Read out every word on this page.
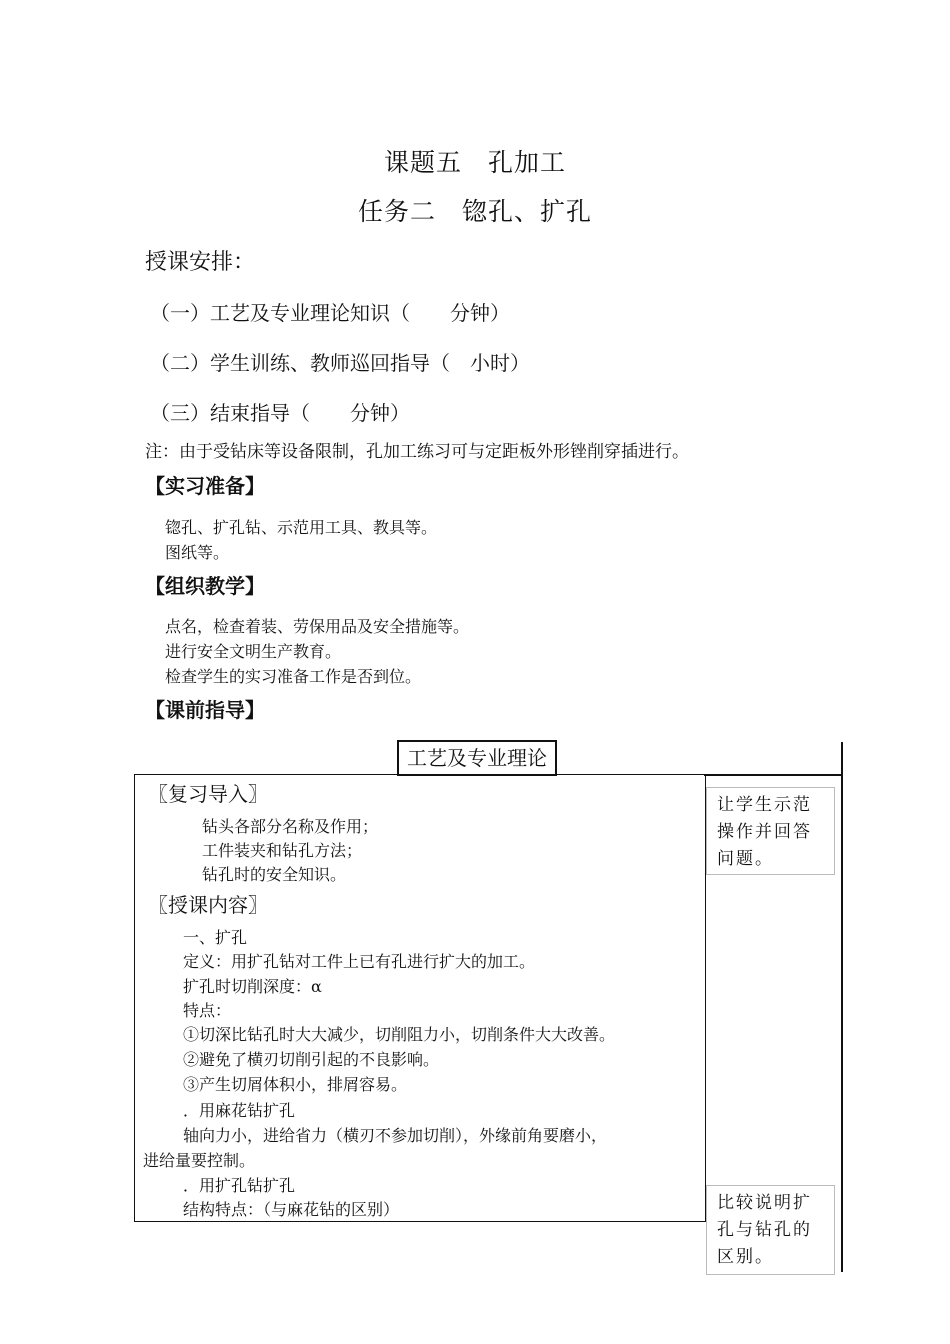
课题五　孔加工
任务二　锪孔、扩孔
授课安排：
（一）工艺及专业理论知识（　　分钟）
（二）学生训练、教师巡回指导（　小时）
（三）结束指导（　　分钟）
注：由于受钻床等设备限制，孔加工练习可与定距板外形锉削穿插进行。
【实习准备】
锪孔、扩孔钻、示范用工具、教具等。
图纸等。
【组织教学】
点名，检查着装、劳保用品及安全措施等。
进行安全文明生产教育。
检查学生的实习准备工作是否到位。
【课前指导】
工艺及专业理论
让学生示范操作并回答问题。
比较说明扩孔与钻孔的区别。
〖复习导入〗
钻头各部分名称及作用；
工件装夹和钻孔方法；
钻孔时的安全知识。
〖授课内容〗
一、扩孔
定义：用扩孔钻对工件上已有孔进行扩大的加工。
扩孔时切削深度：α
特点：
①切深比钻孔时大大减少，切削阻力小，切削条件大大改善。
②避免了横刃切削引起的不良影响。
③产生切屑体积小，排屑容易。
．用麻花钻扩孔
轴向力小，进给省力（横刃不参加切削），外缘前角要磨小，
进给量要控制。
．用扩孔钻扩孔
结构特点：（与麻花钻的区别）
